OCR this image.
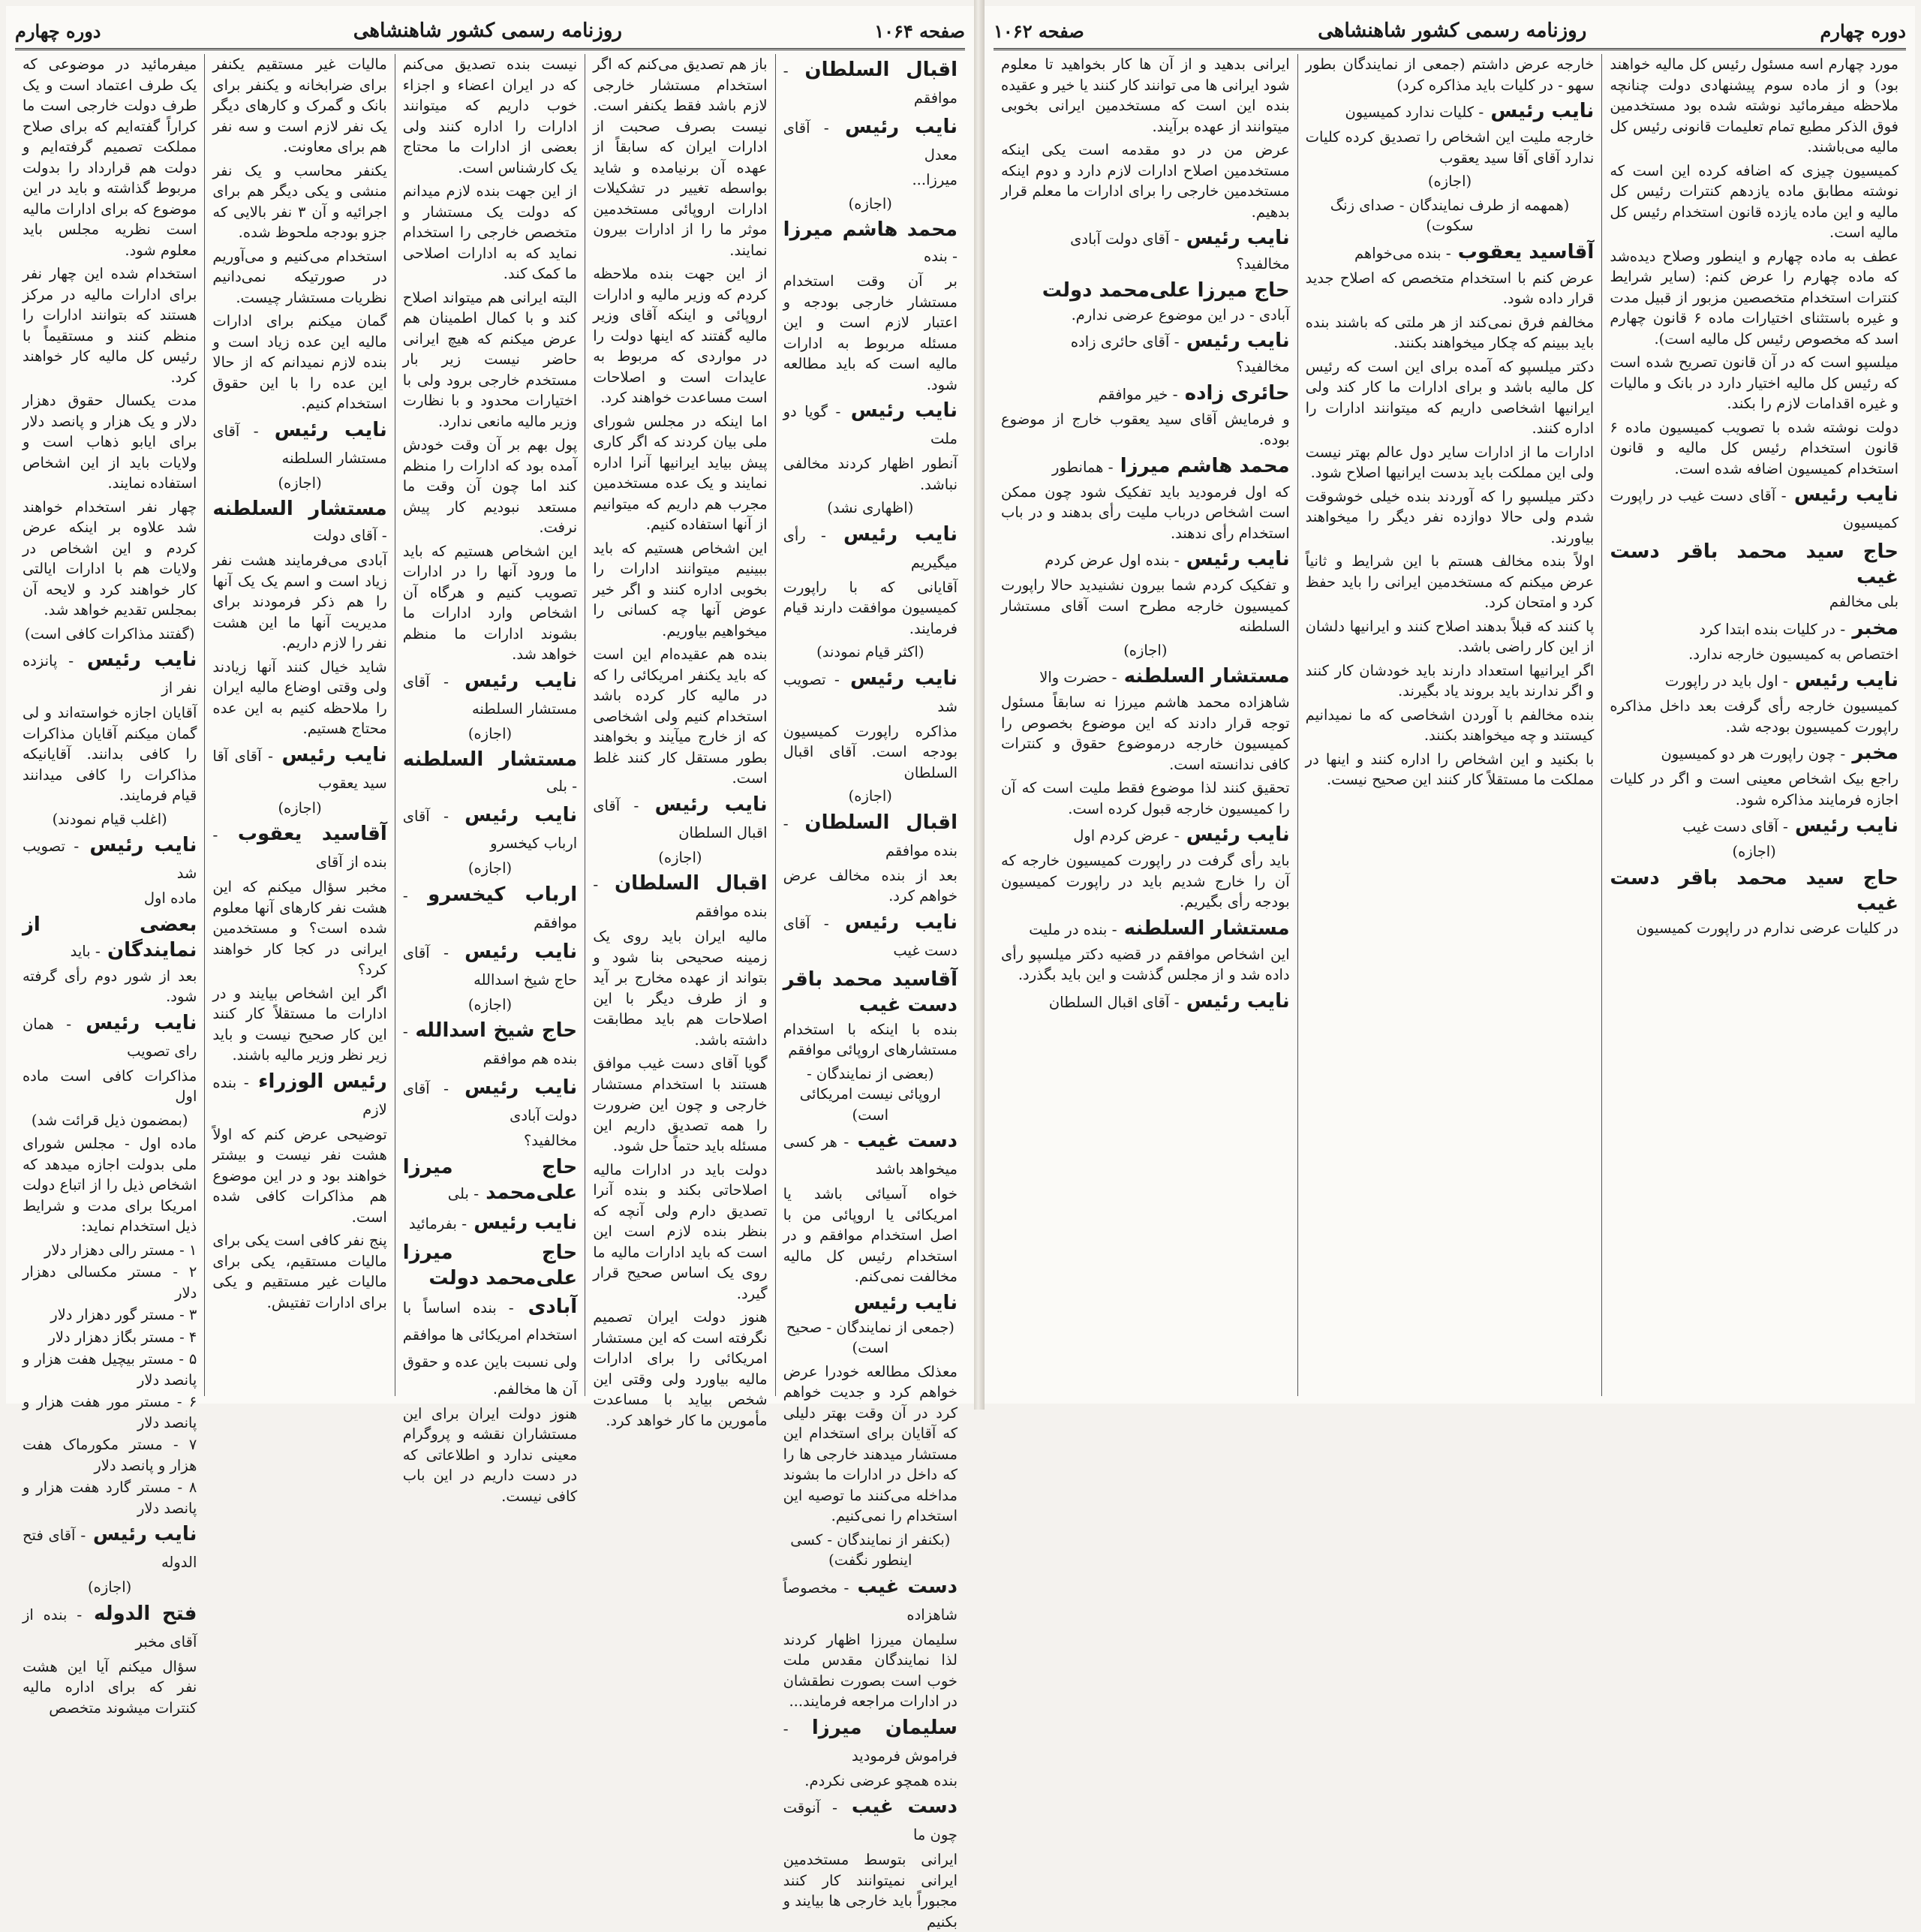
صفحه ۱۰۶۴
روزنامه رسمی کشور شاهنشاهی
دوره چهارم
اقبال السلطان - موافقم
نایب رئیس - آقای معدل
میرزا...
(اجازه)
محمد هاشم میرزا - بنده
بر آن وقت استخدام مستشار خارجی بودجه و اعتبار لازم است و این مسئله مربوط به ادارات مالیه است که باید مطالعه شود.
نایب رئیس - گویا دو ملت
آنطور اظهار کردند مخالفی نباشد.
(اظهاری نشد)
نایب رئیس - رأی میگیریم
آقایانی که با راپورت کمیسیون موافقت دارند قیام فرمایند.
(اکثر قیام نمودند)
نایب رئیس - تصویب شد
مذاکره راپورت کمیسیون بودجه است. آقای اقبال السلطان
(اجازه)
اقبال السلطان - بنده موافقم
بعد از بنده مخالف عرض خواهم کرد.
نایب رئیس - آقای دست غیب
آقاسید محمد باقر دست غیب
بنده با اینکه با استخدام مستشارهای اروپائی موافقم
(بعضی از نمایندگان - اروپائی نیست امریکائی است)
دست غیب - هر کسی میخواهد باشد
خواه آسیائی باشد یا امریکائی یا اروپائی من با اصل استخدام موافقم و در استخدام رئیس کل مالیه مخالفت نمی‌کنم.
نایب رئیس
(جمعی از نمایندگان - صحیح است)
معذلک مطالعه خودرا عرض خواهم کرد و جدیت خواهم کرد در آن وقت بهتر دلیلی که آقایان برای استخدام این مستشار میدهند خارجی ها را که داخل در ادارات ما بشوند مداخله می‌کنند ما توصیه این استخدام را نمی‌کنیم.
(بکنفر از نمایندگان - کسی اینطور نگفت)
دست غیب - مخصوصاً شاهزاده
سلیمان میرزا اظهار کردند لذا نمایندگان مقدس ملت خوب است بصورت نطقشان در ادارات مراجعه فرمایند...
سلیمان میرزا - فراموش فرمودید
بنده همچو عرضی نکردم.
دست غیب - آنوقت چون ما
ایرانی بتوسط مستخدمین ایرانی نمیتوانند کار کنند مجبوراً باید خارجی ها بیایند و بکنیم
باز هم تصدیق می‌کنم که اگر استخدام مستشار خارجی لازم باشد فقط یکنفر است. نیست بصرف صحبت از ادارات ایران که سابقاً از عهده آن برنیامده و شاید بواسطه تغییر در تشکیلات ادارات اروپائی مستخدمین موثر ما را از ادارات بیرون نمایند.
از این جهت بنده ملاحظه کردم که وزیر مالیه و ادارات اروپائی و اینکه آقای وزیر مالیه گفتند که اینها دولت را در مواردی که مربوط به عایدات است و اصلاحات است مساعدت خواهند کرد.
اما اینکه در مجلس شورای ملی بیان کردند که اگر کاری پیش بیاید ایرانیها آنرا اداره نمایند و یک عده مستخدمین مجرب هم داریم که میتوانیم از آنها استفاده کنیم.
این اشخاص هستیم که باید ببینیم میتوانند ادارات را بخوبی اداره کنند و اگر خیر عوض آنها چه کسانی را میخواهیم بیاوریم.
بنده هم عقیده‌ام این است که باید یکنفر امریکائی را که در مالیه کار کرده باشد استخدام کنیم ولی اشخاصی که از خارج میآیند و بخواهند بطور مستقل کار کنند غلط است.
نایب رئیس - آقای اقبال السلطان
(اجازه)
اقبال السلطان - بنده موافقم
مالیه ایران باید روی یک زمینه صحیحی بنا شود و بتواند از عهده مخارج بر آید و از طرف دیگر با این اصلاحات هم باید مطابقت داشته باشد.
گویا آقای دست غیب موافق هستند با استخدام مستشار خارجی و چون این ضرورت را همه تصدیق داریم این مسئله باید حتماً حل شود.
دولت باید در ادارات مالیه اصلاحاتی بکند و بنده آنرا تصدیق دارم ولی آنچه که بنظر بنده لازم است این است که باید ادارات مالیه ما روی یک اساس صحیح قرار گیرد.
هنوز دولت ایران تصمیم نگرفته است که این مستشار امریکائی را برای ادارات مالیه بیاورد ولی وقتی این شخص بیاید با مساعدت مأمورین ما کار خواهد کرد.
نیست بنده تصدیق می‌کنم که در ایران اعضاء و اجزاء خوب داریم که میتوانند ادارات را اداره کنند ولی بعضی از ادارات ما محتاج یک کارشناس است.
از این جهت بنده لازم میدانم که دولت یک مستشار و متخصص خارجی را استخدام نماید که به ادارات اصلاحی ما کمک کند.
البته ایرانی هم میتواند اصلاح کند و با کمال اطمینان هم عرض میکنم که هیچ ایرانی حاضر نیست زیر بار مستخدم خارجی برود ولی با اختیارات محدود و با نظارت وزیر مالیه مانعی ندارد.
پول بهم بر آن وقت خودش آمده بود که ادارات را منظم کند اما چون آن وقت ما مستعد نبودیم کار پیش نرفت.
این اشخاص هستیم که باید ما ورود آنها را در ادارات تصویب کنیم و هرگاه آن اشخاص وارد ادارات ما بشوند ادارات ما منظم خواهد شد.
نایب رئیس - آقای مستشار السلطنه
(اجازه)
مستشار السلطنه - بلی
نایب رئیس - آقای ارباب کیخسرو
(اجازه)
ارباب کیخسرو - موافقم
نایب رئیس - آقای حاج شیخ اسدالله
(اجازه)
حاج شیخ اسدالله - بنده هم موافقم
نایب رئیس - آقای دولت آبادی
مخالفید؟
حاج میرزا علی‌محمد - بلی
نایب رئیس - بفرمائید
حاج میرزا علی‌محمد دولت
آبادی - بنده اساساً با استخدام امریکائی ها موافقم ولی نسبت باین عده و حقوق آن ها مخالفم.
هنوز دولت ایران برای این مستشاران نقشه و پروگرام معینی ندارد و اطلاعاتی که در دست داریم در این باب کافی نیست.
مالیات غیر مستقیم یکنفر برای ضرابخانه و یکنفر برای بانک و گمرک و کارهای دیگر یک نفر لازم است و سه نفر هم برای معاونت.
یکنفر محاسب و یک نفر منشی و یکی دیگر هم برای اجرائیه و آن ۳ نفر بالایی که جزو بودجه ملحوظ شده.
استخدام می‌کنیم و می‌آوریم در صورتیکه نمی‌دانیم نظریات مستشار چیست.
گمان میکنم برای ادارات مالیه این عده زیاد است و بنده لازم نمیدانم که از حالا این عده را با این حقوق استخدام کنیم.
نایب رئیس - آقای مستشار السلطنه
(اجازه)
مستشار السلطنه - آقای دولت
آبادی می‌فرمایند هشت نفر زیاد است و اسم یک یک آنها را هم ذکر فرمودند برای مدیریت آنها ما این هشت نفر را لازم داریم.
شاید خیال کنند آنها زیادند ولی وقتی اوضاع مالیه ایران را ملاحظه کنیم به این عده محتاج هستیم.
نایب رئیس - آقای آقا سید یعقوب
(اجازه)
آقاسید یعقوب - بنده از آقای
مخبر سؤال میکنم که این هشت نفر کارهای آنها معلوم شده است؟ و مستخدمین ایرانی در کجا کار خواهند کرد؟
اگر این اشخاص بیایند و در ادارات ما مستقلاً کار کنند این کار صحیح نیست و باید زیر نظر وزیر مالیه باشند.
رئیس الوزراء - بنده لازم
توضیحی عرض کنم که اولاً هشت نفر نیست و بیشتر خواهند بود و در این موضوع هم مذاکرات کافی شده است.
پنج نفر کافی است یکی برای مالیات مستقیم، یکی برای مالیات غیر مستقیم و یکی برای ادارات تفتیش.
میفرمائید در موضوعی که یک طرف اعتماد است و یک طرف دولت خارجی است ما کراراً گفته‌ایم که برای صلاح مملکت تصمیم گرفته‌ایم و دولت هم قرارداد را بدولت مربوط گذاشته و باید در این موضوع که برای ادارات مالیه است نظریه مجلس باید معلوم شود.
استخدام شده این چهار نفر برای ادارات مالیه در مرکز هستند که بتوانند ادارات را منظم کنند و مستقیماً با رئیس کل مالیه کار خواهند کرد.
مدت یکسال حقوق دهزار دلار و یک هزار و پانصد دلار برای ایابو ذهاب است و ولایات باید از این اشخاص استفاده نمایند.
چهار نفر استخدام خواهند شد علاوه بر اینکه عرض کردم و این اشخاص در ولایات هم با ادارات ایالتی کار خواهند کرد و لایحه آن بمجلس تقدیم خواهد شد.
(گفتند مذاکرات کافی است)
نایب رئیس - پانزده نفر از
آقایان اجازه خواسته‌اند و لی گمان میکنم آقایان مذاکرات را کافی بدانند. آقایانیکه مذاکرات را کافی میدانند قیام فرمایند.
(اغلب قیام نمودند)
نایب رئیس - تصویب شد
ماده اول
بعضی از نمایندگان - باید
بعد از شور دوم رأی گرفته شود.
نایب رئیس - همان رای تصویب
مذاکرات کافی است ماده اول
(بمضمون ذیل قرائت شد)
ماده اول - مجلس شورای ملی بدولت اجازه میدهد که اشخاص ذیل را از اتباع دولت امریکا برای مدت و شرایط ذیل استخدام نماید:
۱ - مستر رالی دهزار دلار
۲ - مستر مکسالی دهزار دلار
۳ - مستر گور دهزار دلار
۴ - مستر بگاز دهزار دلار
۵ - مستر بیچیل هفت هزار و پانصد دلار
۶ - مستر مور هفت هزار و پانصد دلار
۷ - مستر مکورماک هفت هزار و پانصد دلار
۸ - مستر گارد هفت هزار و پانصد دلار
نایب رئیس - آقای فتح الدوله
(اجازه)
فتح الدوله - بنده از آقای مخبر
سؤال میکنم آیا این هشت نفر که برای اداره مالیه کنترات میشوند متخصص
دوره چهارم
روزنامه رسمی کشور شاهنشاهی
صفحه ۱۰۶۲
مورد چهارم اسه مسئول رئیس کل مالیه خواهند بود) و از ماده سوم پیشنهادی دولت چنانچه ملاحظه میفرمائید نوشته شده بود مستخدمین فوق الذکر مطیع تمام تعلیمات قانونی رئیس کل مالیه می‌باشند.
کمیسیون چیزی که اضافه کرده این است که نوشته مطابق ماده یازدهم کنترات رئیس کل مالیه و این ماده یازده قانون استخدام رئیس کل مالیه است.
عطف به ماده چهارم و اینطور وصلاح دیده‌شد که ماده چهارم را عرض کنم: (سایر شرایط کنترات استخدام متخصصین مزبور از قبیل مدت و غیره باستثنای اختیارات ماده ۶ قانون چهارم اسد که مخصوص رئیس کل مالیه است).
میلسپو است که در آن قانون تصریح شده است که رئیس کل مالیه اختیار دارد در بانک و مالیات و غیره اقدامات لازم را بکند.
دولت نوشته شده با تصویب کمیسیون ماده ۶ قانون استخدام رئیس کل مالیه و قانون استخدام کمیسیون اضافه شده است.
نایب رئیس - آقای دست غیب در راپورت کمیسیون
حاج سید محمد باقر دست غیب
بلی مخالفم
مخبر - در کلیات بنده ابتدا کرد
اختصاص به کمیسیون خارجه ندارد.
نایب رئیس - اول باید در راپورت
کمیسیون خارجه رأی گرفت بعد داخل مذاکره راپورت کمیسیون بودجه شد.
مخبر - چون راپورت هر دو کمیسیون
راجع بیک اشخاص معینی است و اگر در کلیات اجازه فرمایند مذاکره شود.
نایب رئیس - آقای دست غیب
(اجازه)
حاج سید محمد باقر دست غیب
در کلیات عرضی ندارم در راپورت کمیسیون
خارجه عرض داشتم (جمعی از نمایندگان بطور سهو - در کلیات باید مذاکره کرد)
نایب رئیس - کلیات ندارد کمیسیون
خارجه ملیت این اشخاص را تصدیق کرده کلیات ندارد آقای آقا سید یعقوب
(اجازه)
(همهمه از طرف نمایندگان - صدای زنگ سکوت)
آقاسید یعقوب - بنده می‌خواهم
عرض کنم با استخدام متخصص که اصلاح جدید قرار داده شود.
مخالفم فرق نمی‌کند از هر ملتی که باشند بنده باید ببینم که چکار میخواهند بکنند.
دکتر میلسپو که آمده برای این است که رئیس کل مالیه باشد و برای ادارات ما کار کند ولی ایرانیها اشخاصی داریم که میتوانند ادارات را اداره کنند.
ادارات ما از ادارات سایر دول عالم بهتر نیست ولی این مملکت باید بدست ایرانیها اصلاح شود.
دکتر میلسپو را که آوردند بنده خیلی خوشوقت شدم ولی حالا دوازده نفر دیگر را میخواهند بیاورند.
اولاً بنده مخالف هستم با این شرایط و ثانیاً عرض میکنم که مستخدمین ایرانی را باید حفظ کرد و امتحان کرد.
پا کنند که قبلاً بدهند اصلاح کنند و ایرانیها دلشان از این کار راضی باشد.
اگر ایرانیها استعداد دارند باید خودشان کار کنند و اگر ندارند باید بروند یاد بگیرند.
بنده مخالفم با آوردن اشخاصی که ما نمیدانیم کیستند و چه میخواهند بکنند.
با بکنید و این اشخاص را اداره کنند و اینها در مملکت ما مستقلاً کار کنند این صحیح نیست.
ایرانی بدهید و از آن ها کار بخواهید تا معلوم شود ایرانی ها می توانند کار کنند یا خیر و عقیده بنده این است که مستخدمین ایرانی بخوبی میتوانند از عهده برآیند.
عرض من در دو مقدمه است یکی اینکه مستخدمین اصلاح ادارات لازم دارد و دوم اینکه مستخدمین خارجی را برای ادارات ما معلم قرار بدهیم.
نایب رئیس - آقای دولت آبادی
مخالفید؟
حاج میرزا علی‌محمد دولت
آبادی - در این موضوع عرضی ندارم.
نایب رئیس - آقای حائری زاده
مخالفید؟
حائری زاده - خیر موافقم
و فرمایش آقای سید یعقوب خارج از موضوع بوده.
محمد هاشم میرزا - همانطور
که اول فرمودید باید تفکیک شود چون ممکن است اشخاص درباب ملیت رأی بدهند و در باب استخدام رأی ندهند.
نایب رئیس - بنده اول عرض کردم
و تفکیک کردم شما بیرون نشنیدید حالا راپورت کمیسیون خارجه مطرح است آقای مستشار السلطنه
(اجازه)
مستشار السلطنه - حضرت والا
شاهزاده محمد هاشم میرزا نه سابقاً مسئول توجه قرار دادند که این موضوع بخصوص را کمیسیون خارجه درموضوع حقوق و کنترات کافی ندانسته است.
تحقیق کنند لذا موضوع فقط ملیت است که آن را کمیسیون خارجه قبول کرده است.
نایب رئیس - عرض کردم اول
باید رأی گرفت در راپورت کمیسیون خارجه که آن را خارج شدیم باید در راپورت کمیسیون بودجه رأی بگیریم.
مستشار السلطنه - بنده در ملیت
این اشخاص موافقم در قضیه دکتر میلسپو رأی داده شد و از مجلس گذشت و این باید بگذرد.
نایب رئیس - آقای اقبال السلطان
